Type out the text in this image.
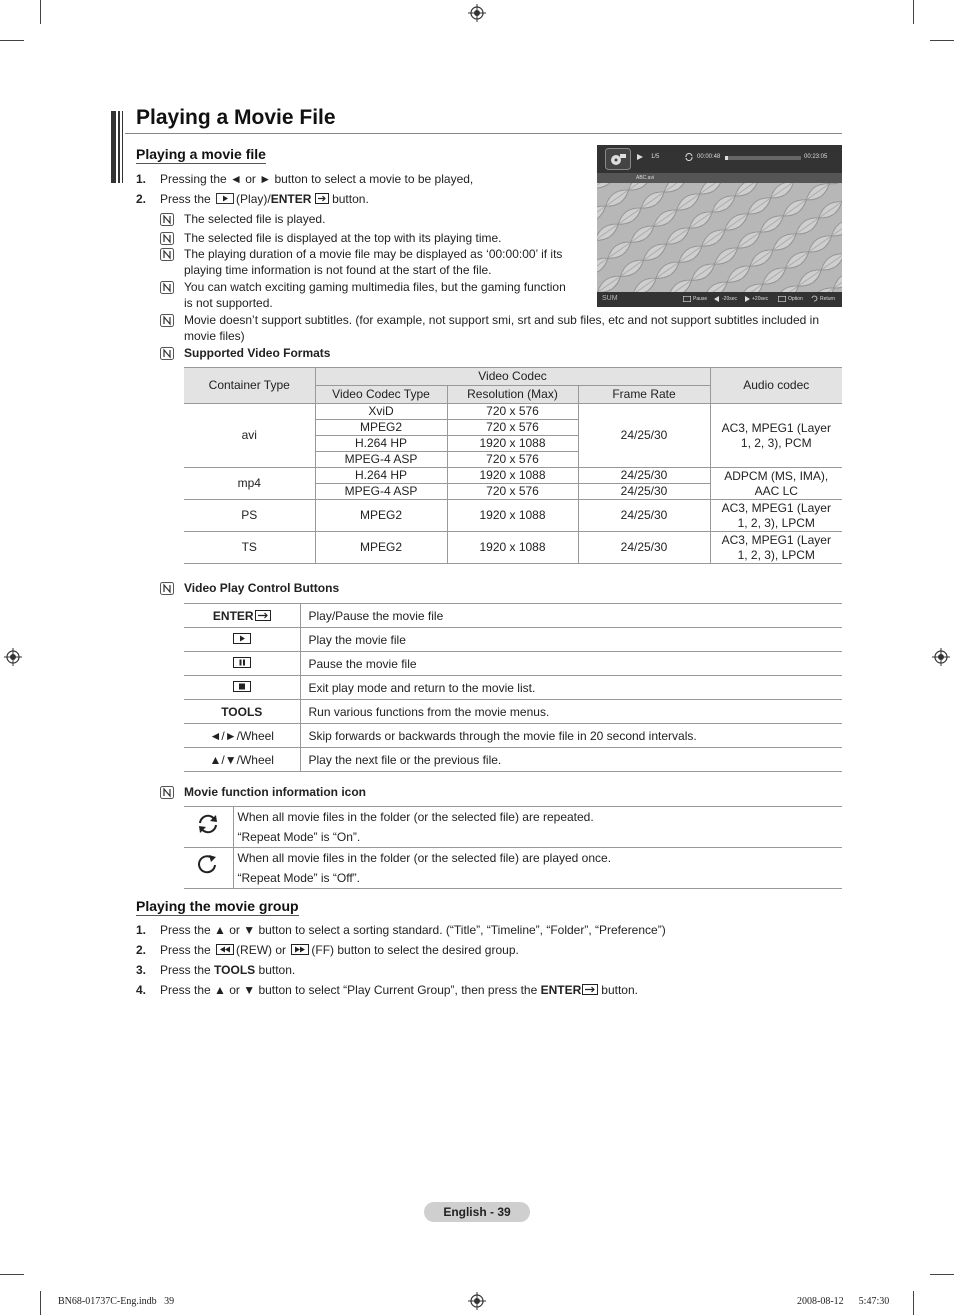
Playing a Movie File
Playing a movie file
1. Pressing the ◄ or ► button to select a movie to be played,
2. Press the (Play)/ENTER button.
The selected file is played.
The selected file is displayed at the top with its playing time.
The playing duration of a movie file may be displayed as ‘00:00:00’ if its
playing time information is not found at the start of the file.
You can watch exciting gaming multimedia files, but the gaming function
is not supported.
Movie doesn’t support subtitles. (for example, not support smi, srt and sub files, etc and not support subtitles included in
movie files)
Supported Video Formats
1/5	00:00:48	00:23:05
ABC.avi
SUM	Pause	-20sec	+20sec	Option	Return
Container Type	Video Codec			Audio codec
	Video Codec Type	Resolution (Max)	Frame Rate	
avi	XviD	720 x 576	24/25/30	AC3, MPEG1 (Layer
1, 2, 3), PCM
	MPEG2	720 x 576		
	H.264 HP	1920 x 1088		
	MPEG-4 ASP	720 x 576		
mp4	H.264 HP	1920 x 1088	24/25/30	ADPCM (MS, IMA),
AAC LC
	MPEG-4 ASP	720 x 576	24/25/30	
PS	MPEG2	1920 x 1088	24/25/30	AC3, MPEG1 (Layer
1, 2, 3), LPCM
TS	MPEG2	1920 x 1088	24/25/30	AC3, MPEG1 (Layer
1, 2, 3), LPCM
Video Play Control Buttons
ENTER	Play/Pause the movie file
	Play the movie file
	Pause the movie file
	Exit play mode and return to the movie list.
TOOLS	Run various functions from the movie menus.
◄/►/Wheel	Skip forwards or backwards through the movie file in 20 second intervals.
▲/▼/Wheel	Play the next file or the previous file.
Movie function information icon
	When all movie files in the folder (or the selected file) are repeated.
“Repeat Mode” is “On”.
	When all movie files in the folder (or the selected file) are played once.
“Repeat Mode” is “Off”.
Playing the movie group
1. Press the ▲ or ▼ button to select a sorting standard. (“Title”, “Timeline”, “Folder”, “Preference”)
2. Press the (REW) or (FF) button to select the desired group.
3. Press the TOOLS button.
4. Press the ▲ or ▼ button to select “Play Current Group”, then press the ENTER button.
English - 39
BN68-01737C-Eng.indb   39	2008-08-12      5:47:30
